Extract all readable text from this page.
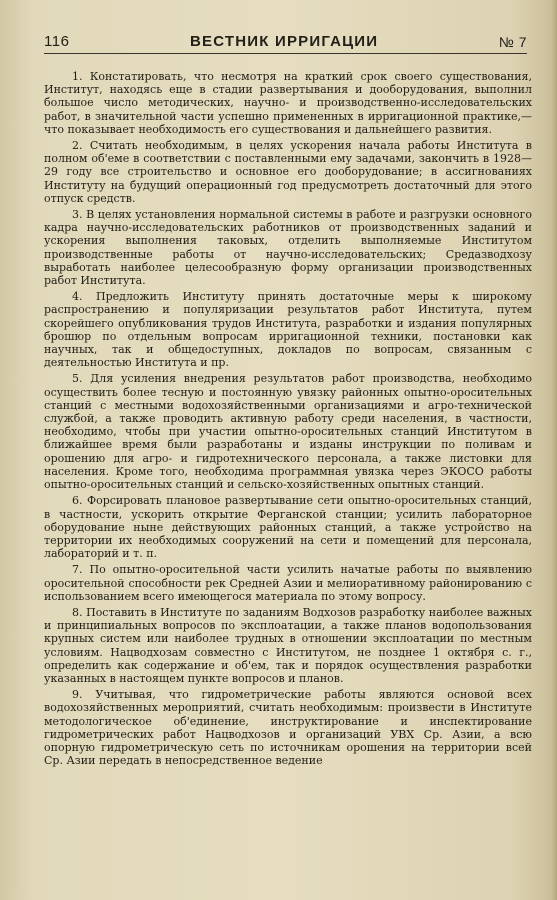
116	ВЕСТНИК ИРРИГАЦИИ	№ 7

1. Констатировать, что несмотря на краткий срок своего существования, Институт, находясь еще в стадии развертывания и дооборудования, выполнил большое число методических, научно- и производственно-исследовательских работ, в значительной части успешно примененных в ирригационной практике,—что показывает необходимость его существования и дальнейшего развития.

2. Считать необходимым, в целях ускорения начала работы Института в полном об'еме в соответствии с поставленными ему задачами, закончить в 1928—29 году все строительство и основное его дооборудование; в ассигнованиях Институту на будущий операционный год предусмотреть достаточный для этого отпуск средств.

3. В целях установления нормальной системы в работе и разгрузки основного кадра научно-исследовательских работников от производственных заданий и ускорения выполнения таковых, отделить выполняемые Институтом производственные работы от научно-исследовательских; Средазводхозу выработать наиболее целесообразную форму организации производственных работ Института.

4. Предложить Институту принять достаточные меры к широкому распространению и популяризации результатов работ Института, путем скорейшего опубликования трудов Института, разработки и издания популярных брошюр по отдельным вопросам ирригационной техники, постановки как научных, так и общедоступных, докладов по вопросам, связанным с деятельностью Института и пр.

5. Для усиления внедрения результатов работ производства, необходимо осуществить более тесную и постоянную увязку районных опытно-оросительных станций с местными водохозяйственными организациями и агро-технической службой, а также проводить активную работу среди населения, в частности, необходимо, чтобы при участии опытно-оросительных станций Институтом в ближайшее время были разработаны и изданы инструкции по поливам и орошению для агро- и гидротехнического персонала, а также листовки для населения. Кроме того, необходима программная увязка через ЭКОСО работы опытно-оросительных станций и сельско-хозяйственных опытных станций.

6. Форсировать плановое развертывание сети опытно-оросительных станций, в частности, ускорить открытие Ферганской станции; усилить лабораторное оборудование ныне действующих районных станций, а также устройство на территории их необходимых сооружений на сети и помещений для персонала, лабораторий и т. п.

7. По опытно-оросительной части усилить начатые работы по выявлению оросительной способности рек Средней Азии и мелиоративному районированию с использованием всего имеющегося материала по этому вопросу.

8. Поставить в Институте по заданиям Водхозов разработку наиболее важных и принципиальных вопросов по эксплоатации, а также планов водопользования крупных систем или наиболее трудных в отношении эксплоатации по местным условиям. Нацводхозам совместно с Институтом, не позднее 1 октября с. г., определить как содержание и об'ем, так и порядок осуществления разработки указанных в настоящем пункте вопросов и планов.

9. Учитывая, что гидрометрические работы являются основой всех водохозяйственных мероприятий, считать необходимым: произвести в Институте методологическое об'единение, инструктирование и инспектирование гидрометрических работ Нацводхозов и организаций УВХ Ср. Азии, а всю опорную гидрометрическую сеть по источникам орошения на территории всей Ср. Азии передать в непосредственное ведение
